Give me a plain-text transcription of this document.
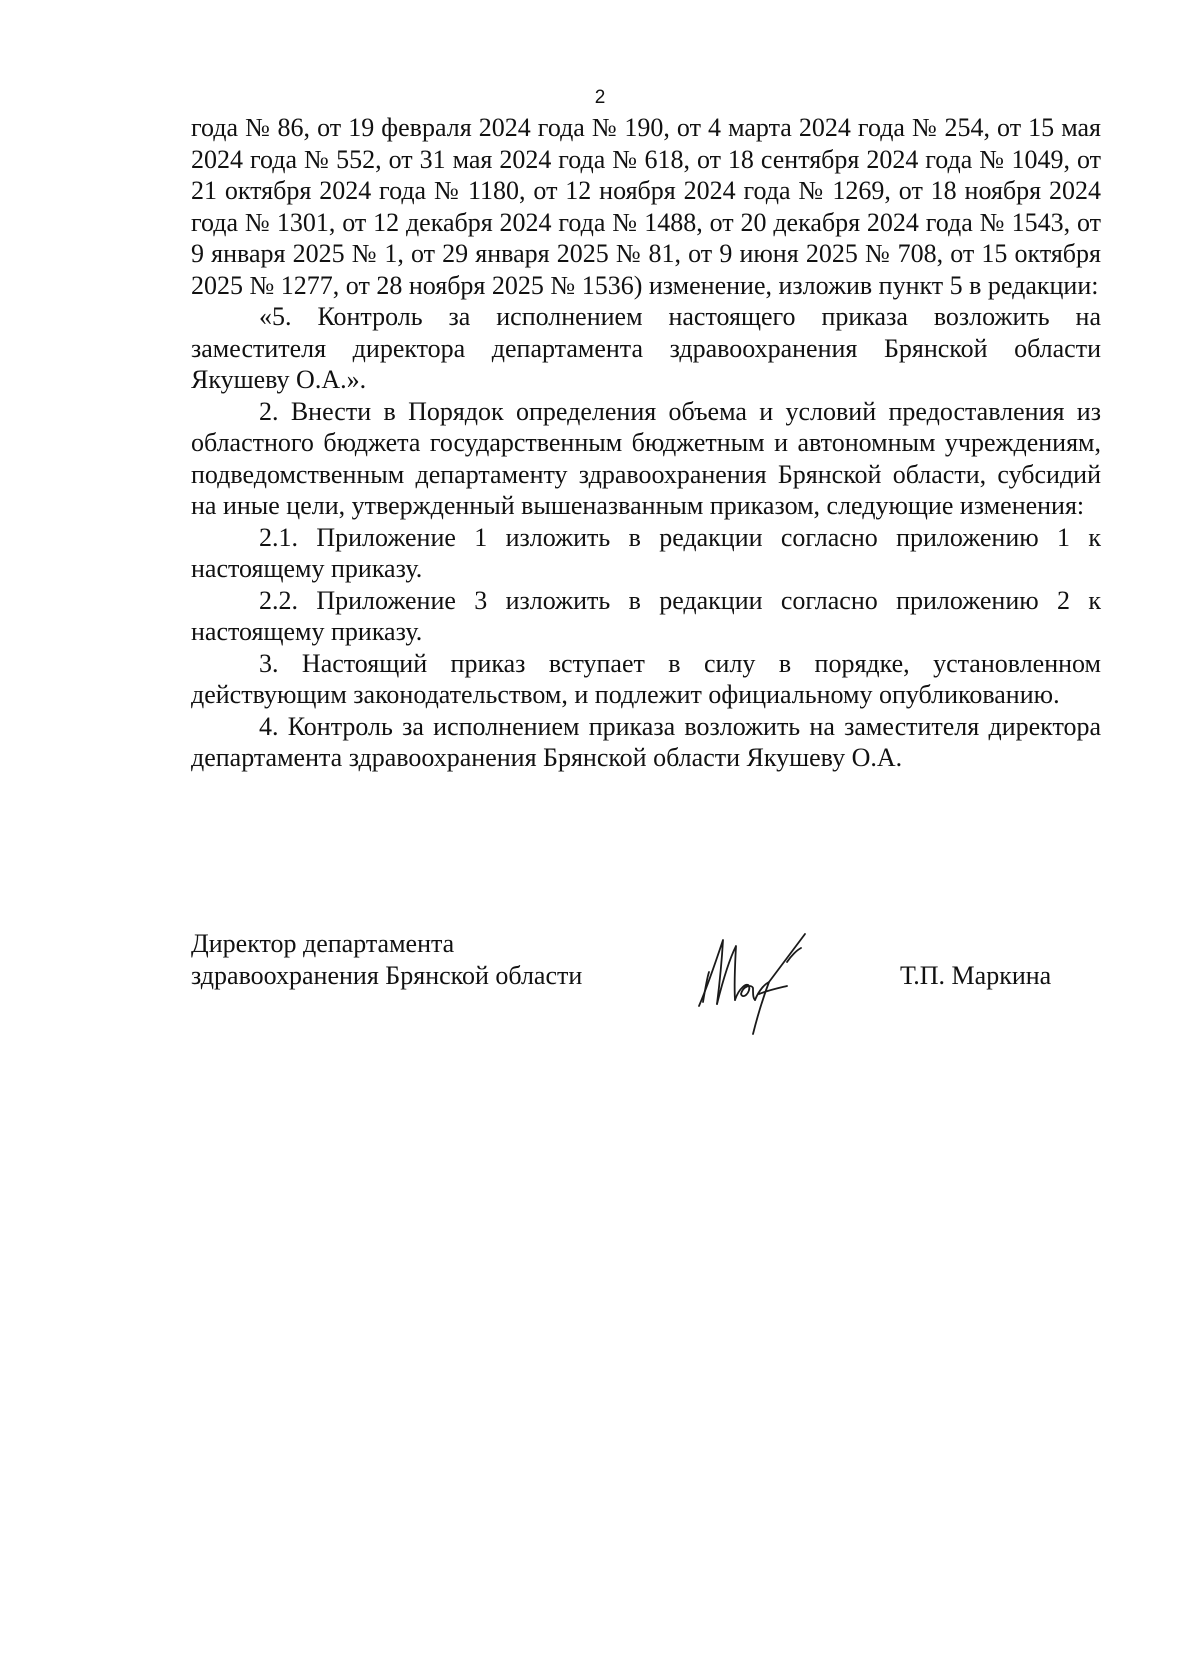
2

года № 86, от 19 февраля 2024 года № 190, от 4 марта 2024 года № 254, от 15 мая 2024 года № 552, от 31 мая 2024 года № 618, от 18 сентября 2024 года № 1049, от 21 октября 2024 года № 1180, от 12 ноября 2024 года № 1269, от 18 ноября 2024 года № 1301, от 12 декабря 2024 года № 1488, от 20 декабря 2024 года № 1543, от 9 января 2025 № 1, от 29 января 2025 № 81, от 9 июня 2025 № 708, от 15 октября 2025 № 1277, от 28 ноября 2025 № 1536) изменение, изложив пункт 5 в редакции:

«5. Контроль за исполнением настоящего приказа возложить на заместителя директора департамента здравоохранения Брянской области Якушеву О.А.».

2. Внести в Порядок определения объема и условий предоставления из областного бюджета государственным бюджетным и автономным учреждениям, подведомственным департаменту здравоохранения Брянской области, субсидий на иные цели, утвержденный вышеназванным приказом, следующие изменения:

2.1. Приложение 1 изложить в редакции согласно приложению 1 к настоящему приказу.

2.2. Приложение 3 изложить в редакции согласно приложению 2 к настоящему приказу.

3. Настоящий приказ вступает в силу в порядке, установленном действующим законодательством, и подлежит официальному опубликованию.

4. Контроль за исполнением приказа возложить на заместителя директора департамента здравоохранения Брянской области Якушеву О.А.

Директор департамента
здравоохранения Брянской области	Т.П. Маркина
